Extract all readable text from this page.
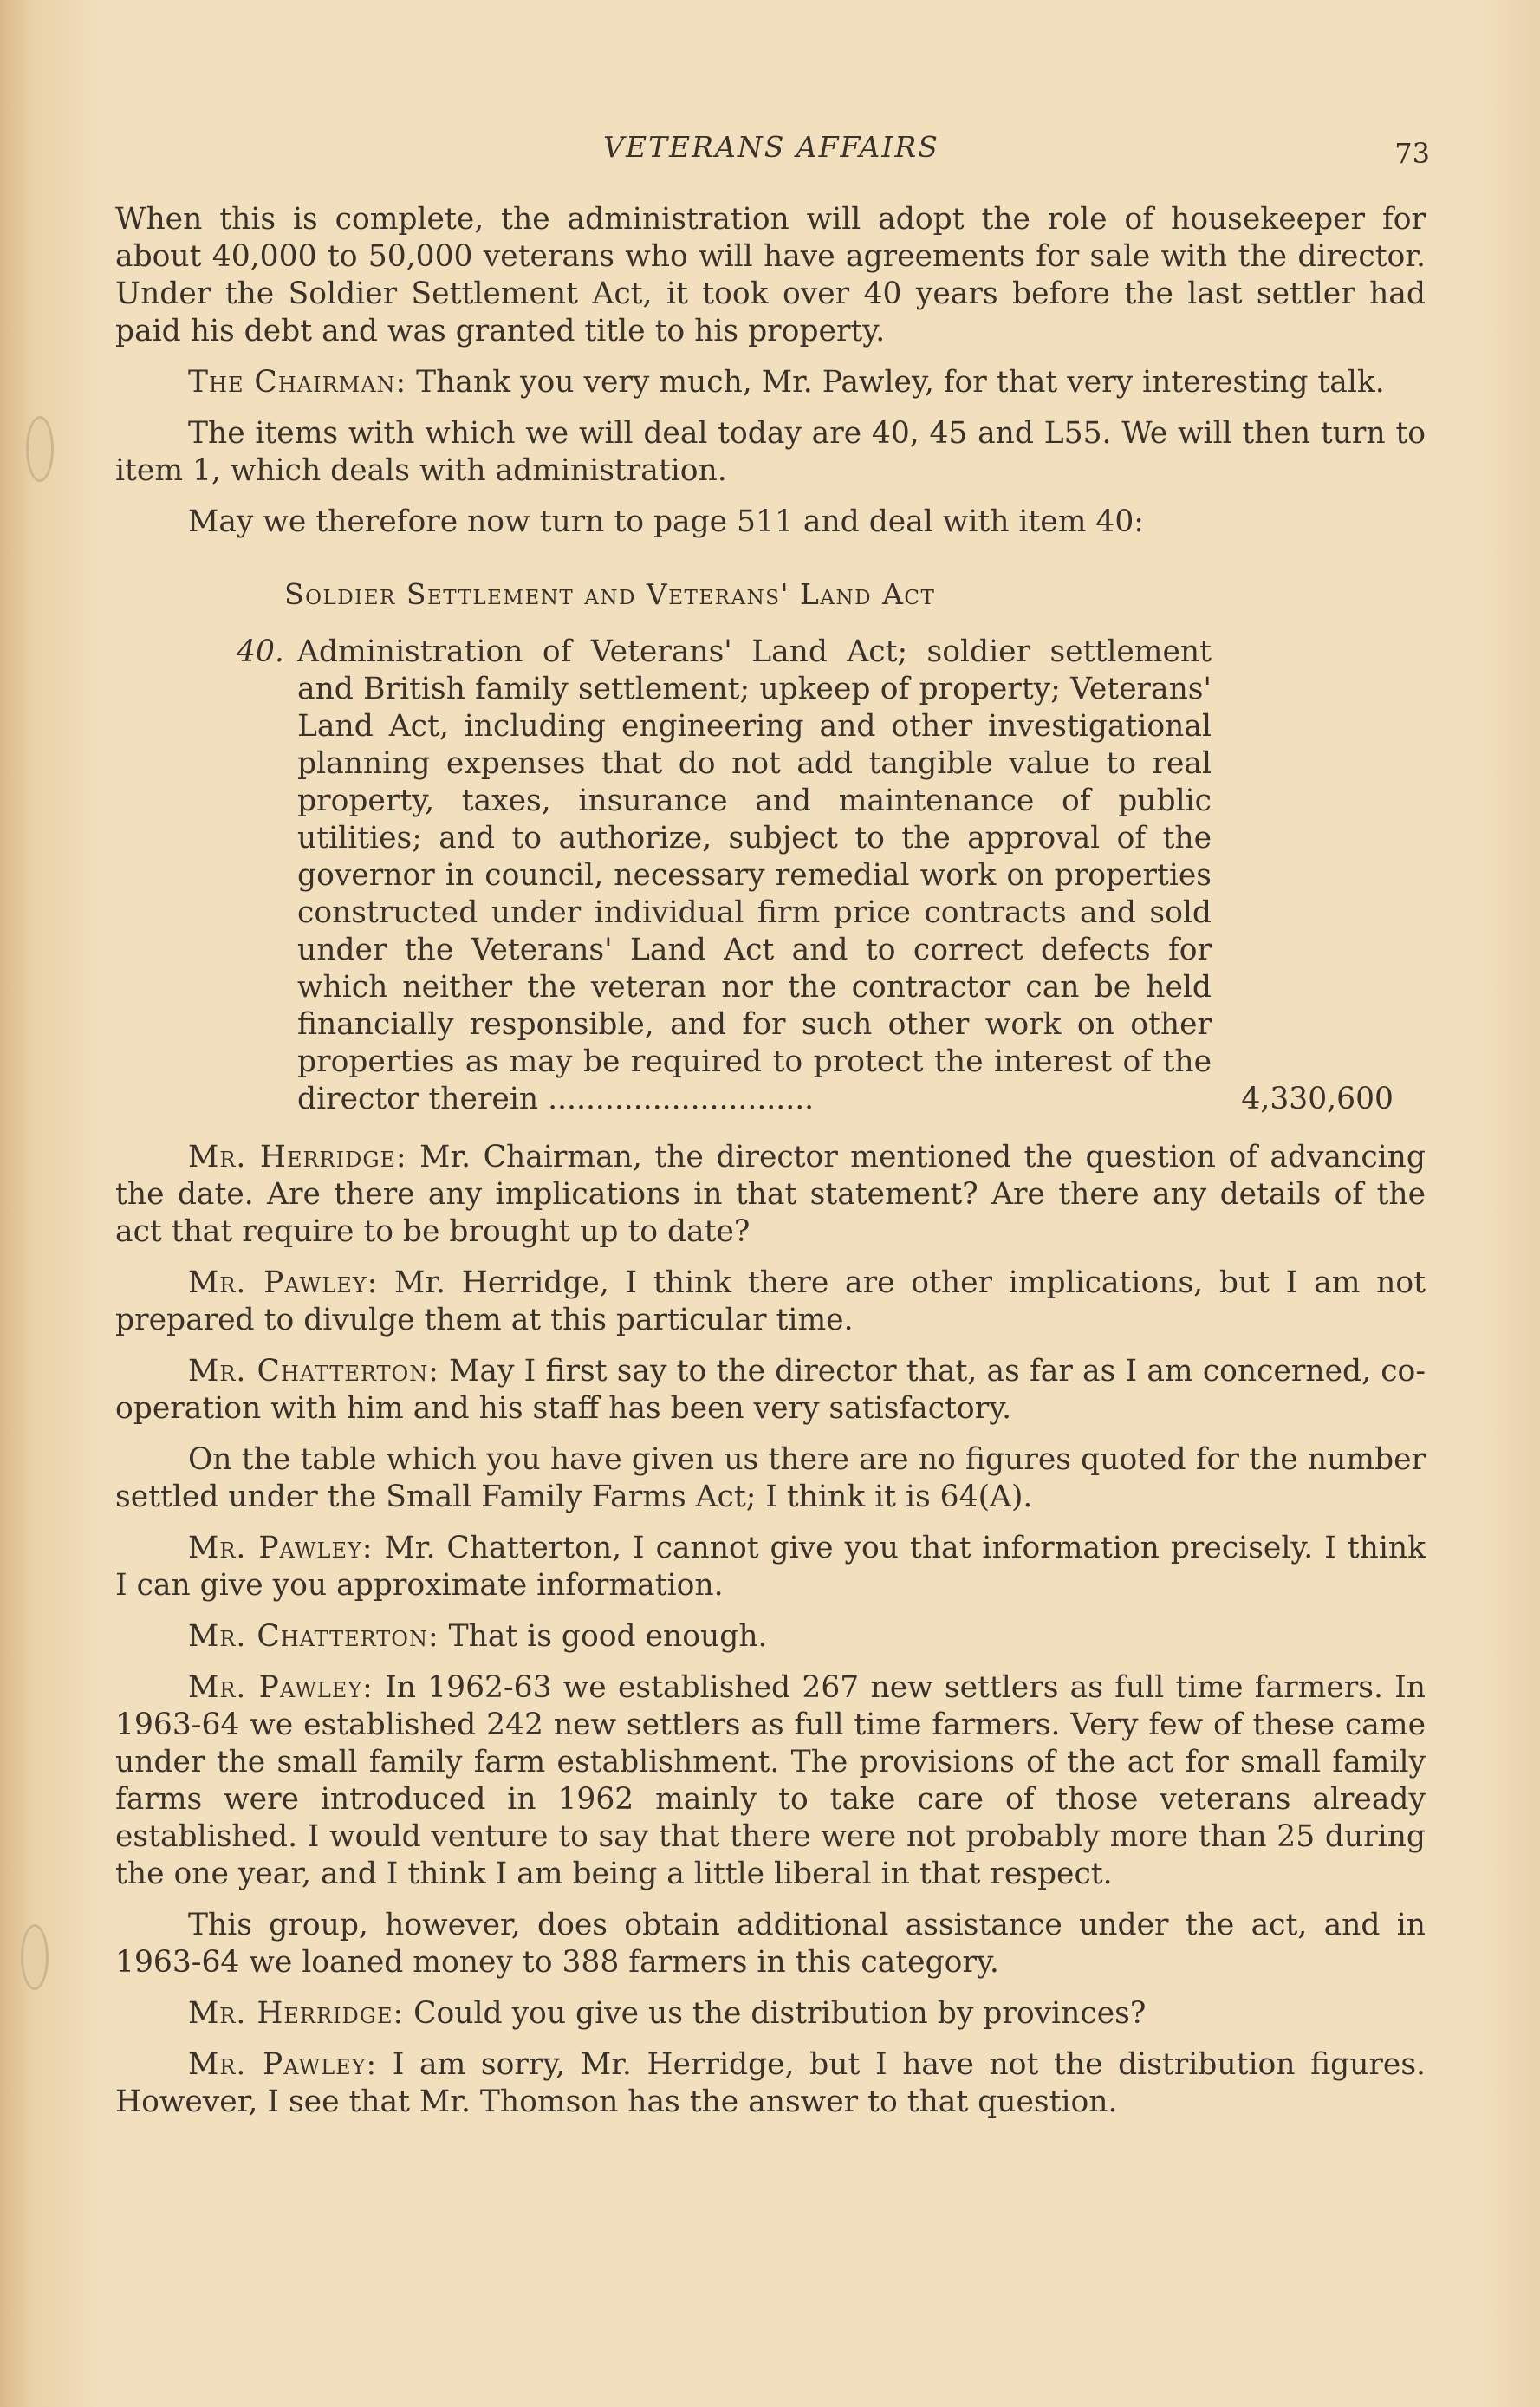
VETERANS AFFAIRS	73

When this is complete, the administration will adopt the role of housekeeper for about 40,000 to 50,000 veterans who will have agreements for sale with the director. Under the Soldier Settlement Act, it took over 40 years before the last settler had paid his debt and was granted title to his property.

The Chairman: Thank you very much, Mr. Pawley, for that very interesting talk.

The items with which we will deal today are 40, 45 and L55. We will then turn to item 1, which deals with administration.

May we therefore now turn to page 511 and deal with item 40:

Soldier Settlement and Veterans' Land Act
40. Administration of Veterans' Land Act; soldier settlement and British family settlement; upkeep of property; Veterans' Land Act, including engineering and other investigational planning expenses that do not add tangible value to real property, taxes, insurance and maintenance of public utilities; and to authorize, subject to the approval of the governor in council, necessary remedial work on properties constructed under individual firm price contracts and sold under the Veterans' Land Act and to correct defects for which neither the veteran nor the contractor can be held financially responsible, and for such other work on other properties as may be required to protect the interest of the director therein ............................	4,330,600

Mr. Herridge: Mr. Chairman, the director mentioned the question of advancing the date. Are there any implications in that statement? Are there any details of the act that require to be brought up to date?

Mr. Pawley: Mr. Herridge, I think there are other implications, but I am not prepared to divulge them at this particular time.

Mr. Chatterton: May I first say to the director that, as far as I am concerned, co-operation with him and his staff has been very satisfactory.

On the table which you have given us there are no figures quoted for the number settled under the Small Family Farms Act; I think it is 64(A).

Mr. Pawley: Mr. Chatterton, I cannot give you that information precisely. I think I can give you approximate information.

Mr. Chatterton: That is good enough.

Mr. Pawley: In 1962-63 we established 267 new settlers as full time farmers. In 1963-64 we established 242 new settlers as full time farmers. Very few of these came under the small family farm establishment. The provisions of the act for small family farms were introduced in 1962 mainly to take care of those veterans already established. I would venture to say that there were not probably more than 25 during the one year, and I think I am being a little liberal in that respect.

This group, however, does obtain additional assistance under the act, and in 1963-64 we loaned money to 388 farmers in this category.

Mr. Herridge: Could you give us the distribution by provinces?

Mr. Pawley: I am sorry, Mr. Herridge, but I have not the distribution figures. However, I see that Mr. Thomson has the answer to that question.
